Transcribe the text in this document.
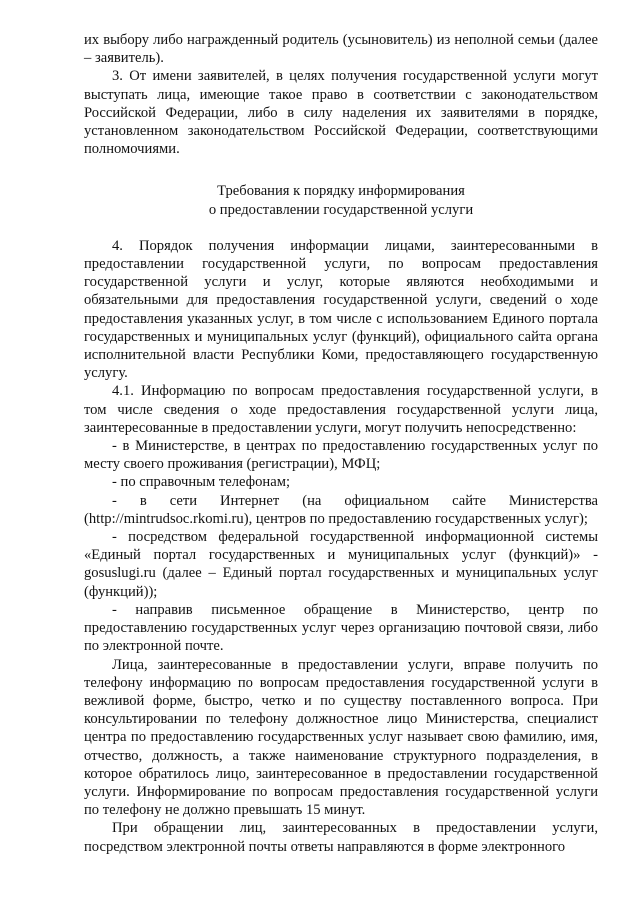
их выбору либо награжденный родитель (усыновитель) из неполной семьи (далее – заявитель).

3. От имени заявителей, в целях получения государственной услуги могут выступать лица, имеющие такое право в соответствии с законодательством Российской Федерации, либо в силу наделения их заявителями в порядке, установленном законодательством Российской Федерации, соответствующими полномочиями.

Требования к порядку информирования

о предоставлении государственной услуги

4. Порядок получения информации лицами, заинтересованными в предоставлении государственной услуги, по вопросам предоставления государственной услуги и услуг, которые являются необходимыми и обязательными для предоставления государственной услуги, сведений о ходе предоставления указанных услуг, в том числе с использованием Единого портала государственных и муниципальных услуг (функций), официального сайта органа исполнительной власти Республики Коми, предоставляющего государственную услугу.

4.1. Информацию по вопросам предоставления государственной услуги, в том числе сведения о ходе предоставления государственной услуги лица, заинтересованные в предоставлении услуги, могут получить непосредственно:

- в Министерстве, в центрах по предоставлению государственных услуг по месту своего проживания (регистрации), МФЦ;

- по справочным телефонам;

- в сети Интернет (на официальном сайте Министерства (http://mintrudsoc.rkomi.ru), центров по предоставлению государственных услуг);

- посредством федеральной государственной информационной системы «Единый портал государственных и муниципальных услуг (функций)» - gosuslugi.ru (далее – Единый портал государственных и муниципальных услуг (функций));

- направив письменное обращение в Министерство, центр по предоставлению государственных услуг через организацию почтовой связи, либо по электронной почте.

Лица, заинтересованные в предоставлении услуги, вправе получить по телефону информацию по вопросам предоставления государственной услуги в вежливой форме, быстро, четко и по существу поставленного вопроса. При консультировании по телефону должностное лицо Министерства, специалист центра по предоставлению государственных услуг называет свою фамилию, имя, отчество, должность, а также наименование структурного подразделения, в которое обратилось лицо, заинтересованное в предоставлении государственной услуги. Информирование по вопросам предоставления государственной услуги по телефону не должно превышать 15 минут.

При обращении лиц, заинтересованных в предоставлении услуги, посредством электронной почты ответы направляются в форме электронного
